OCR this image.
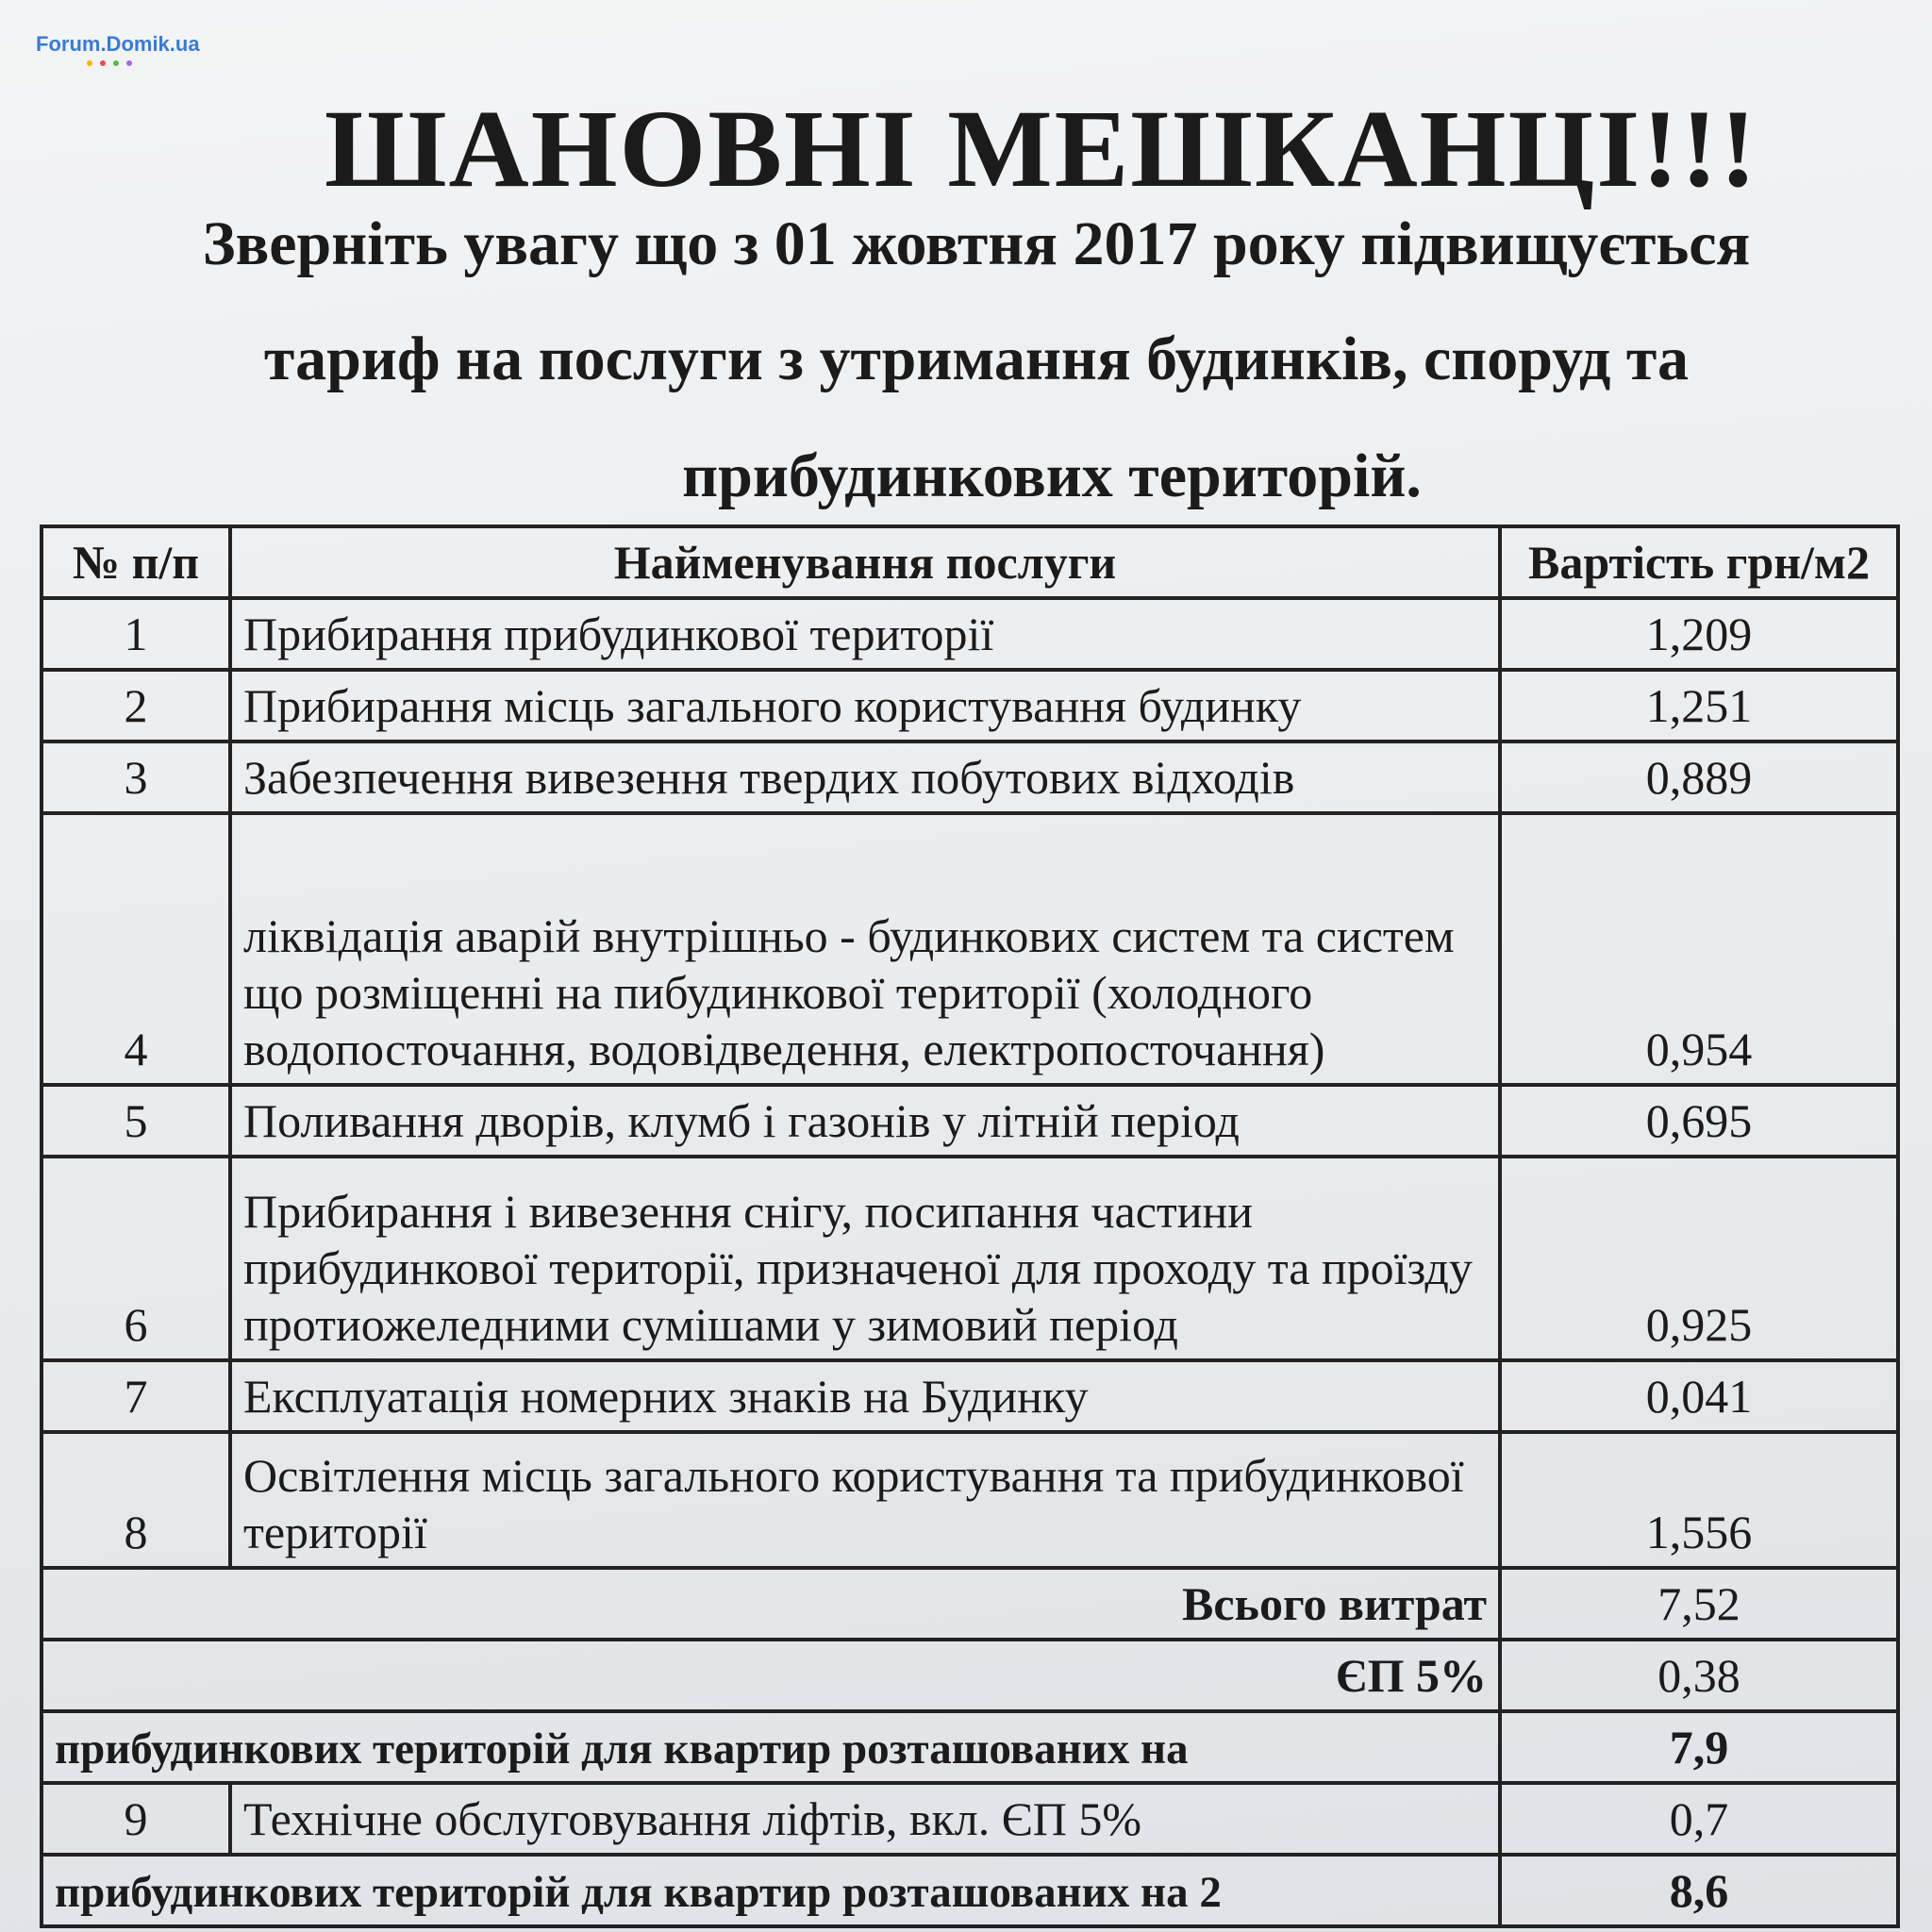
Forum.Domik.ua
ШАНОВНІ МЕШКАНЦІ!!!
Зверніть увагу що з 01 жовтня 2017 року підвищується
тариф на послуги з утримання будинків, споруд та
прибудинкових територій.
№ п/п	Найменування послуги	Вартість грн/м2
1	Прибирання прибудинкової території	1,209
2	Прибирання місць загального користування будинку	1,251
3	Забезпечення вивезення твердих побутових відходів	0,889
4	ліквідація аварій внутрішньо - будинкових систем та систем що розміщенні на пибудинкової території (холодного водопосточання, водовідведення, електропосточання)	0,954
5	Поливання дворів, клумб і газонів у літній період	0,695
6	Прибирання і вивезення снігу, посипання частини прибудинкової території, призначеної для проходу та проїзду протиожеледними сумішами у зимовий період	0,925
7	Експлуатація номерних знаків на Будинку	0,041
8	Освітлення місць загального користування та прибудинкової території	1,556
Всього витрат		7,52
ЄП 5%		0,38
прибудинкових територій для квартир розташованих на		7,9
9	Технічне обслуговування ліфтів, вкл. ЄП 5%	0,7
прибудинкових територій для квартир розташованих на 2		8,6
